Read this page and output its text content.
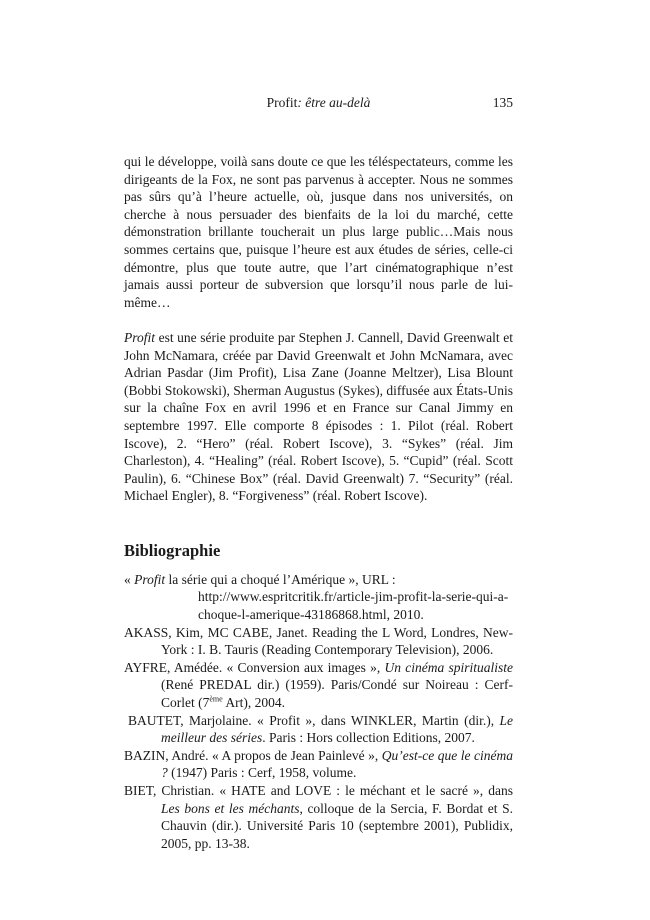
Profit: être au-delà	135

qui le développe, voilà sans doute ce que les téléspectateurs, comme les dirigeants de la Fox, ne sont pas parvenus à accepter. Nous ne sommes pas sûrs qu’à l’heure actuelle, où, jusque dans nos universités, on cherche à nous persuader des bienfaits de la loi du marché, cette démonstration brillante toucherait un plus large public…Mais nous sommes certains que, puisque l’heure est aux études de séries, celle-ci démontre, plus que toute autre, que l’art cinématographique n’est jamais aussi porteur de subversion que lorsqu’il nous parle de lui-même…

Profit est une série produite par Stephen J. Cannell, David Greenwalt et John McNamara, créée par David Greenwalt et John McNamara, avec Adrian Pasdar (Jim Profit), Lisa Zane (Joanne Meltzer), Lisa Blount (Bobbi Stokowski), Sherman Augustus (Sykes), diffusée aux États-Unis sur la chaîne Fox en avril 1996 et en France sur Canal Jimmy en septembre 1997. Elle comporte 8 épisodes : 1. Pilot (réal. Robert Iscove), 2. “Hero” (réal. Robert Iscove), 3. “Sykes” (réal. Jim Charleston), 4. “Healing” (réal. Robert Iscove), 5. “Cupid” (réal. Scott Paulin), 6. “Chinese Box” (réal. David Greenwalt) 7. “Security” (réal. Michael Engler), 8. “Forgiveness” (réal. Robert Iscove).

Bibliographie
« Profit la série qui a choqué l’Amérique », URL :
http://www.espritcritik.fr/article-jim-profit-la-serie-qui-a-choque-l-amerique-43186868.html, 2010.
AKASS, Kim, MC CABE, Janet. Reading the L Word, Londres, New-York : I. B. Tauris (Reading Contemporary Television), 2006.
AYFRE, Amédée. « Conversion aux images », Un cinéma spiritualiste (René PREDAL dir.) (1959). Paris/Condé sur Noireau : Cerf-Corlet (7ème Art), 2004.
BAUTET, Marjolaine. « Profit », dans WINKLER, Martin (dir.), Le meilleur des séries. Paris : Hors collection Editions, 2007.
BAZIN, André. « A propos de Jean Painlevé », Qu’est-ce que le cinéma ? (1947) Paris : Cerf, 1958, volume.
BIET, Christian. « HATE and LOVE : le méchant et le sacré », dans Les bons et les méchants, colloque de la Sercia, F. Bordat et S. Chauvin (dir.). Université Paris 10 (septembre 2001), Publidix, 2005, pp. 13-38.
